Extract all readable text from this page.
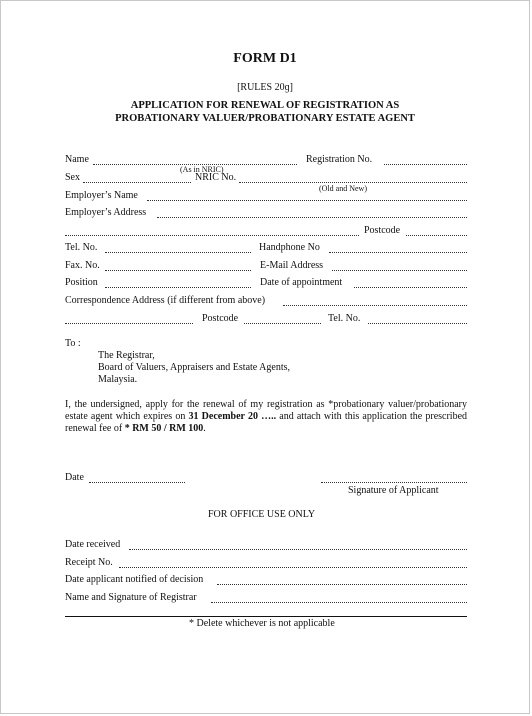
FORM D1
[RULES 20ɡ]
APPLICATION FOR RENEWAL OF REGISTRATION AS
PROBATIONARY VALUER/PROBATIONARY ESTATE AGENT
Name	Registration No.
(As in NRIC)
Sex	NRIC No.
(Old and New)
Employer’s Name
Employer’s Address
Postcode
Tel. No.	Handphone No
Fax. No.	E-Mail Address
Position	Date of appointment
Correspondence Address (if different from above)
Postcode	Tel. No.
To :
The Registrar,
Board of Valuers, Appraisers and Estate Agents,
Malaysia.
I, the undersigned, apply for the renewal of my registration as *probationary valuer/probationary estate agent which expires on 31 December 20 ….. and attach with this application the prescribed renewal fee of * RM 50 / RM 100.
Date
Signature of Applicant
FOR OFFICE USE ONLY
Date received
Receipt No.
Date applicant notified of decision
Name and Signature of Registrar
* Delete whichever is not applicable
